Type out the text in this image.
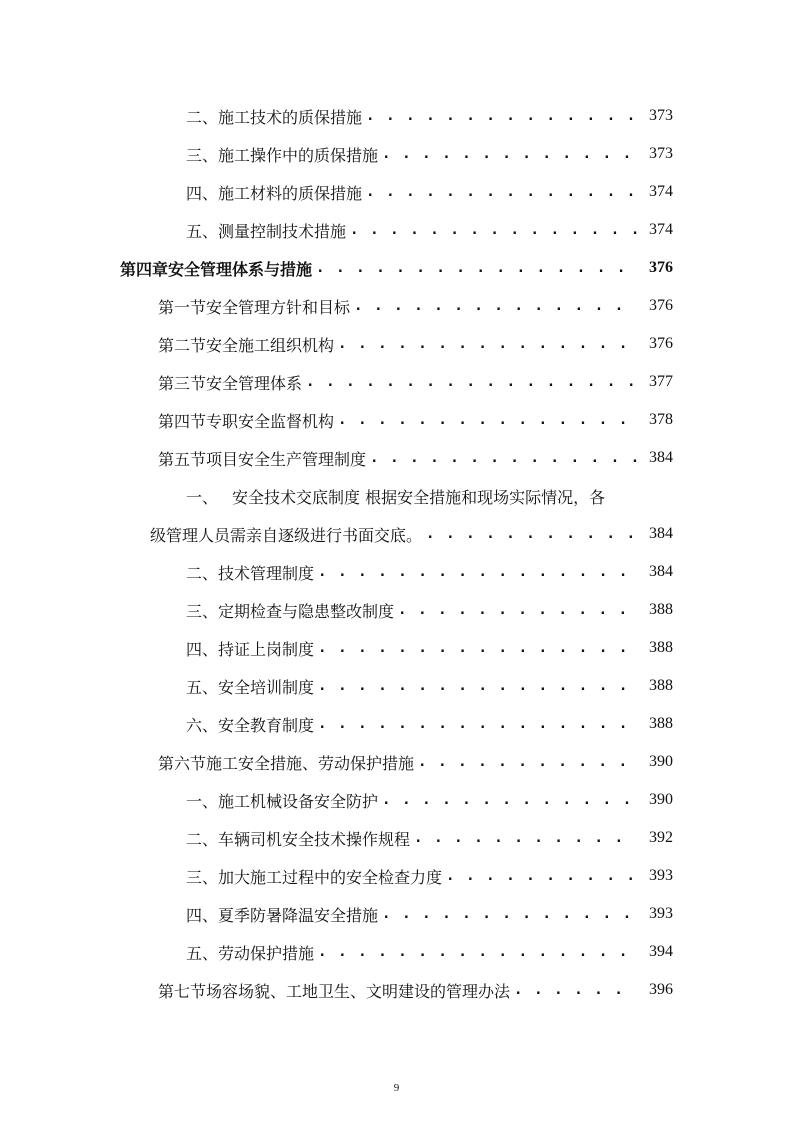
二、 施工技术的质保措施 . . .	373
三、 施工操作中的质保措施 . . .	373
四、 施工材料的质保措施 . . .	374
五、 测量控制技术措施 . . .	374
第四章 安全管理体系与措施 . . .	376
第一节 安全管理方针和目标 . . .	376
第二节 安全施工组织机构 . . .	376
第三节 安全管理体系 . . .	377
第四节 专职安全监督机构 . . .	378
第五节 项目安全生产管理制度 . . .	384
一、 安全技术交底制度 根据安全措施和现场实际情况，各
级管理人员需亲自逐级进行书面交底。 . . .	384
二、 技术管理制度 . . .	384
三、 定期检查与隐患整改制度 . . .	388
四、 持证上岗制度 . . .	388
五、 安全培训制度 . . .	388
六、 安全教育制度 . . .	388
第六节 施工安全措施、劳动保护措施 . . .	390
一、 施工机械设备安全防护 . . .	390
二、 车辆司机安全技术操作规程 . . .	392
三、 加大施工过程中的安全检查力度 . . .	393
四、 夏季防暑降温安全措施 . . .	393
五、 劳动保护措施 . . .	394
第七节 场容场貌、工地卫生、文明建设的管理办法 . . .	396
9
